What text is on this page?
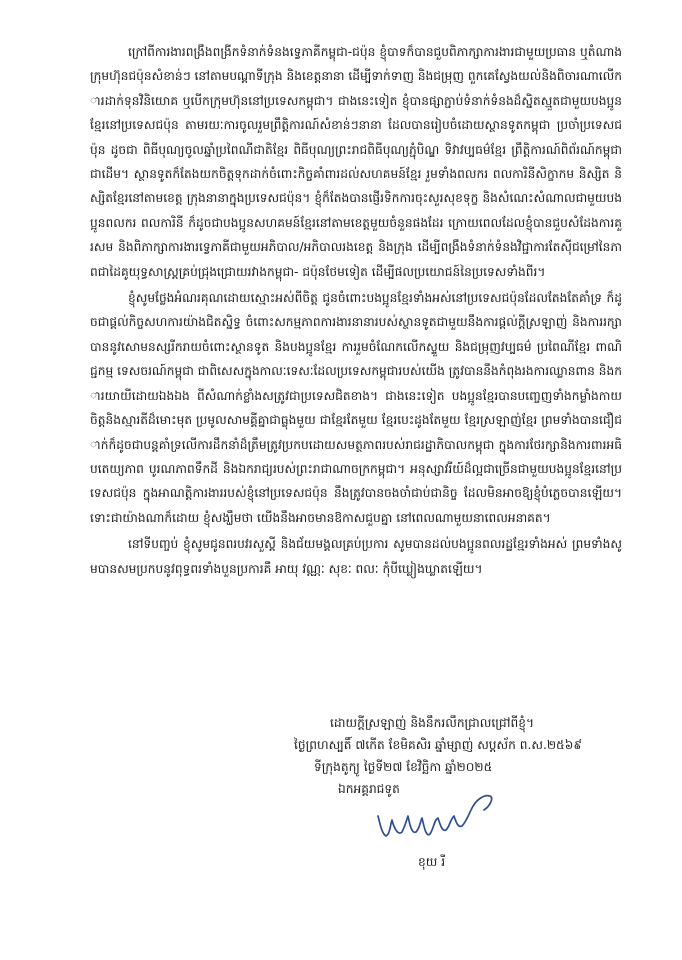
ក្រៅពីការងារពង្រឹងពង្រីកទំនាក់ទំនងទ្វេភាគីកម្ពុជា-ជប៉ុន ខ្ញុំបាទក៏បានជួបពិភាក្សាការងារជាមួយប្រធាន ឬតំណាងក្រុមហ៊ុនជប៉ុនសំខាន់ៗ នៅតាមបណ្តាទីក្រុង និងខេត្តនានា ដើម្បីទាក់ទាញ និងជម្រុញ ពួកគេស្វែងយល់និងពិចារណាលើការដាក់ទុនវិនិយោគ ឬបើកក្រុមហ៊ុននៅប្រទេសកម្ពុជា។ ជាងនេះទៀត ខ្ញុំបានផ្សាភ្ជាប់ទំនាក់ទំនងដ៏ស្និតស្មួតជាមួយបងប្អូនខ្មែរនៅប្រទេសជប៉ុន តាមរយៈការចូលរួមព្រឹត្តិការណ៍សំខាន់ៗនានា ដែលបានរៀបចំដោយស្ថានទូតកម្ពុជា ប្រចាំប្រទេសជប៉ុន ដូចជា ពិធីបុណ្យចូលឆ្នាំប្រពៃណីជាតិខ្មែរ ពិធីបុណ្យព្រះរាជពិធីបុណ្យភ្ជុំបិណ្ឌ ទិវាវប្បធម៌ខ្មែរ ព្រឹត្តិការណ៍ពិព័រណ៍កម្ពុជាជាដើម។ ស្ថានទូតក៏តែងយកចិត្តទុកដាក់ចំពោះកិច្ចគាំពារដល់សហគមន៍ខ្មែរ រួមទាំងពលករ ពលការិនីសិក្ខាកម និស្សិត និស្សិតខ្មែរនៅតាមខេត្ត ក្រុងនានាក្នុងប្រទេសជប៉ុន។ ខ្ញុំក៏តែងបានផ្ញើរទិកការចុះសួរសុខទុក្ខ និងសំណេះសំណាលជាមួយបងប្អូនពលករ ពលការិនី ក៏ដូចជាបងប្អូនសហគមន៍ខ្មែរនៅតាមខេត្តមួយចំនួនផងដែរ ក្រោយពេលដែលខ្ញុំបានជួបសំដែងការគួរសម និងពិភាក្សាការងារទ្វេភាគីជាមួយអភិបាល/អភិបាលរងខេត្ត និងក្រុង ដើម្បីពង្រឹងទំនាក់ទំនងវិជ្ជាការតែស៊ីជម្រៅនៃភាពជាដៃគូយុទ្ធសាស្ត្រគ្រប់ជ្រុងជ្រោយរវាងកម្ពុជា- ជប៉ុនថែមទៀត ដើម្បីផលប្រយោជន៍នៃប្រទេសទាំងពីរ។

ខ្ញុំសូមថ្លែងអំណរគុណដោយស្មោះអស់ពីចិត្ត ជូនចំពោះបងប្អូនខ្មែរទាំងអស់នៅប្រទេសជប៉ុនដែលតែងតែគាំទ្រ ក៏ដូចជាផ្តល់កិច្ចសហការយ៉ាងជិតស្និទ្ធ ចំពោះសកម្មភាពការងារនានារបស់ស្ថានទូតជាមួយនឹងការផ្តល់ក្តីស្រឡាញ់ និងការរក្សាបាននូវសោមនស្សរីករាយចំពោះស្ថានទូត និងបងប្អូនខ្មែរ ការរួមចំណែកលើកស្ទួយ និងជម្រុញវប្បធម៌ ប្រពៃណីខ្មែរ ពាណិជ្ជកម្ម ទេសចរណ៍កម្ពុជា ជាពិសេសក្នុងកាលៈទេសៈដែលប្រទេសកម្ពុជារបស់យើង ត្រូវបាននឹងកំពុងរងការឈ្លានពាន និងការយាយីដោយឯងឯង ពីសំណាក់ខ្លាំងសត្រូវជាប្រទេសជិតខាង។ ជាងនេះទៀត បងប្អូនខ្មែរបានបញ្ចេញទាំងកម្លាំងកាយ ចិត្តនិងស្មារតីដ៏មោះមុត ប្រមូលសាមគ្គីគ្នាជាធ្លុងមួយ ជាខ្មែរតែមួយ ខ្មែរបេះដូងតែមួយ ខ្មែរស្រឡាញ់ខ្មែរ ព្រមទាំងបានជឿជាក់ក៏ដូចជាបន្តគាំទ្រលើការដឹកនាំដ៏ត្រឹមត្រូវប្រកបដោយសមត្ថភាពរបស់រាជរដ្ឋាភិបាលកម្ពុជា ក្នុងការថែរក្សានិងការពារអធិបតេយ្យភាព បូរណភាពទឹកដី និងឯករាជ្យរបស់ព្រះរាជាណាចក្រកម្ពុជា។ អនុស្សាវរីយ៍ដ៏ល្អជាច្រើនជាមួយបងប្អូនខ្មែរនៅប្រទេសជប៉ុន ក្នុងអាណត្តិការងាររបស់ខ្ញុំនៅប្រទេសជប៉ុន នឹងត្រូវបានចងចាំជាប់ជានិច្ច ដែលមិនអាចឱ្យខ្ញុំបំភ្លេចបានឡើយ។ ទោះជាយ៉ាងណាក៏ដោយ ខ្ញុំសង្ឃឹមថា យើងនឹងអាចមានឱកាសជួបគ្នា នៅពេលណាមួយនាពេលអនាគត។

នៅទីបញ្ចប់ ខ្ញុំសូមជូនពរបវរសួស្តី និងជ័យមង្គលគ្រប់ប្រការ សូមបានដល់បងប្អូនពលរដ្ឋខ្មែរទាំងអស់ ព្រមទាំងសូមបានសមប្រកបនូវពុទ្ធពរទាំងបួនប្រការគឺ អាយុ វណ្ណៈ សុខៈ ពលៈ កុំបីឃ្លៀងឃ្លាតឡើយ។

ដោយក្តីស្រឡាញ់ និងនឹករលឹកជ្រាលជ្រៅពីខ្ញុំ។
ថ្ងៃព្រហស្បតិ៍ ៧កើត ខែមិគសិរ ឆ្នាំម្សាញ់ សប្តស័ក ព.ស.២៥៦៩
ទីក្រុងតូក្យូ ថ្ងៃទី២៧ ខែវិច្ឆិកា ឆ្នាំ២០២៥
ឯកអគ្គរាជទូត
ខុយ រី
